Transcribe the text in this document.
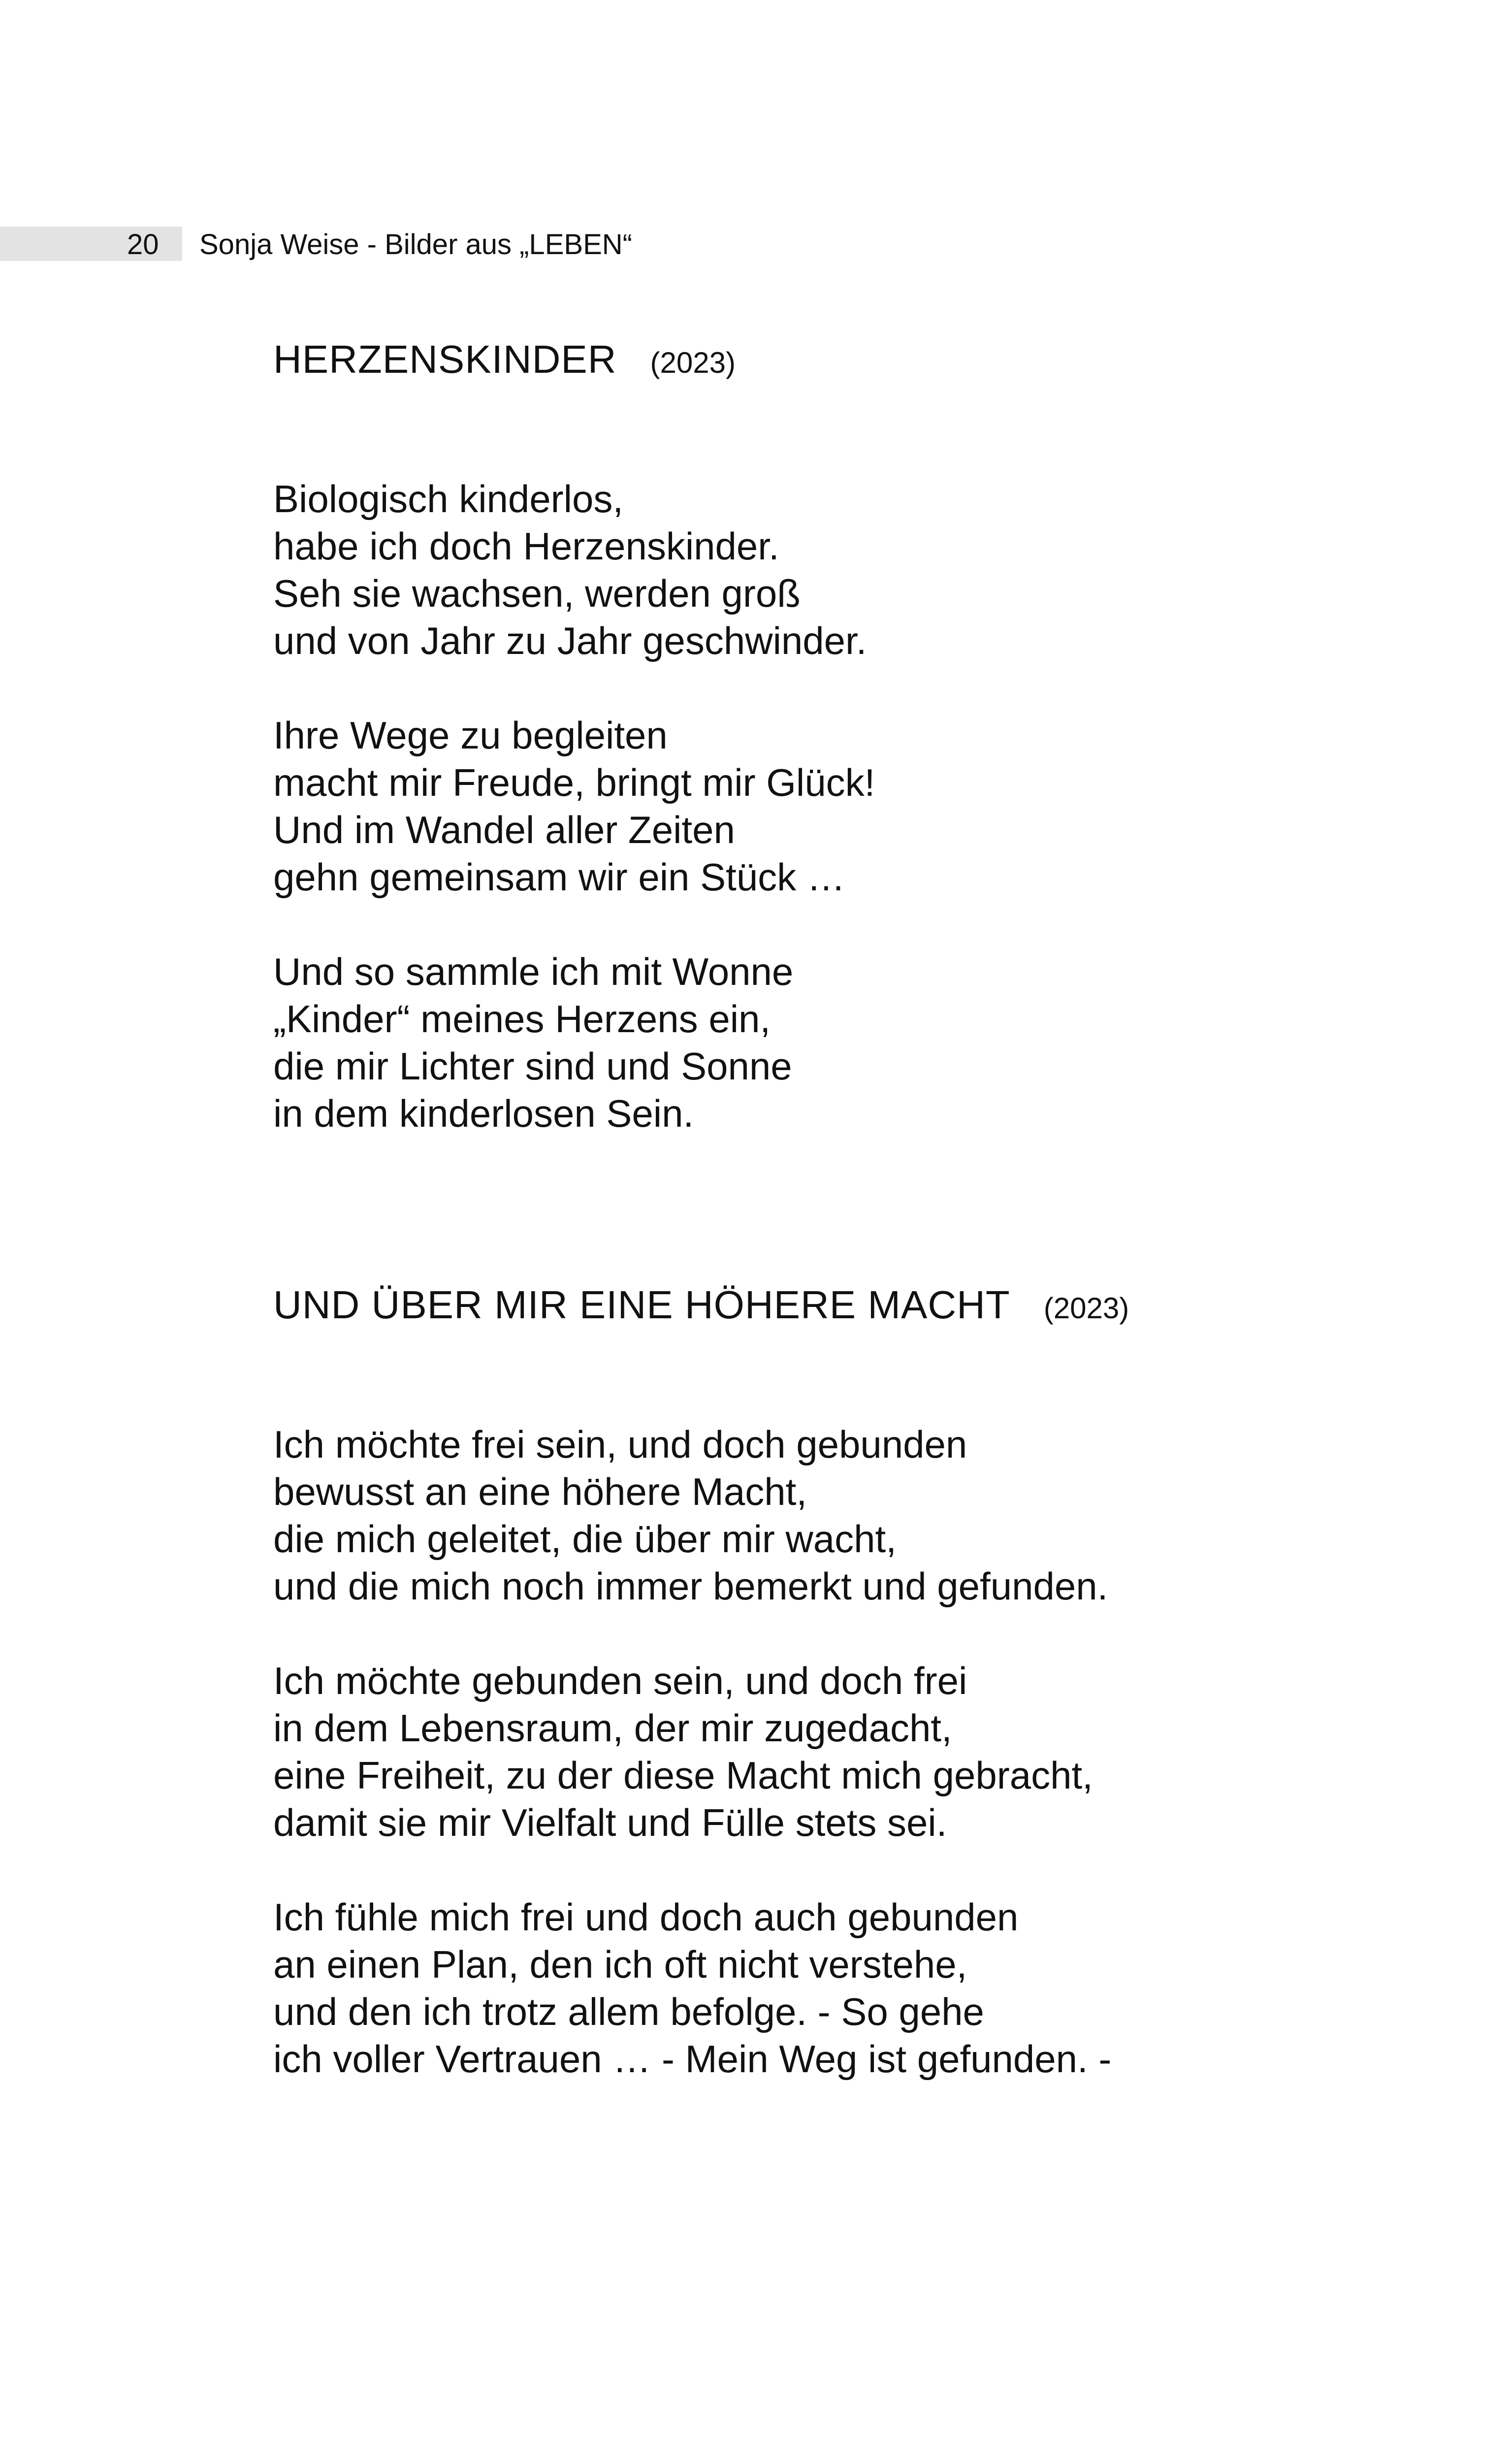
20 Sonja Weise - Bilder aus „LEBEN“
HERZENSKINDER (2023)
Biologisch kinderlos,
habe ich doch Herzenskinder.
Seh sie wachsen, werden groß
und von Jahr zu Jahr geschwinder.
Ihre Wege zu begleiten
macht mir Freude, bringt mir Glück!
Und im Wandel aller Zeiten
gehn gemeinsam wir ein Stück …
Und so sammle ich mit Wonne
„Kinder“ meines Herzens ein,
die mir Lichter sind und Sonne
in dem kinderlosen Sein.
UND ÜBER MIR EINE HÖHERE MACHT (2023)
Ich möchte frei sein, und doch gebunden
bewusst an eine höhere Macht,
die mich geleitet, die über mir wacht,
und die mich noch immer bemerkt und gefunden.
Ich möchte gebunden sein, und doch frei
in dem Lebensraum, der mir zugedacht,
eine Freiheit, zu der diese Macht mich gebracht,
damit sie mir Vielfalt und Fülle stets sei.
Ich fühle mich frei und doch auch gebunden
an einen Plan, den ich oft nicht verstehe,
und den ich trotz allem befolge. - So gehe
ich voller Vertrauen … - Mein Weg ist gefunden. -
